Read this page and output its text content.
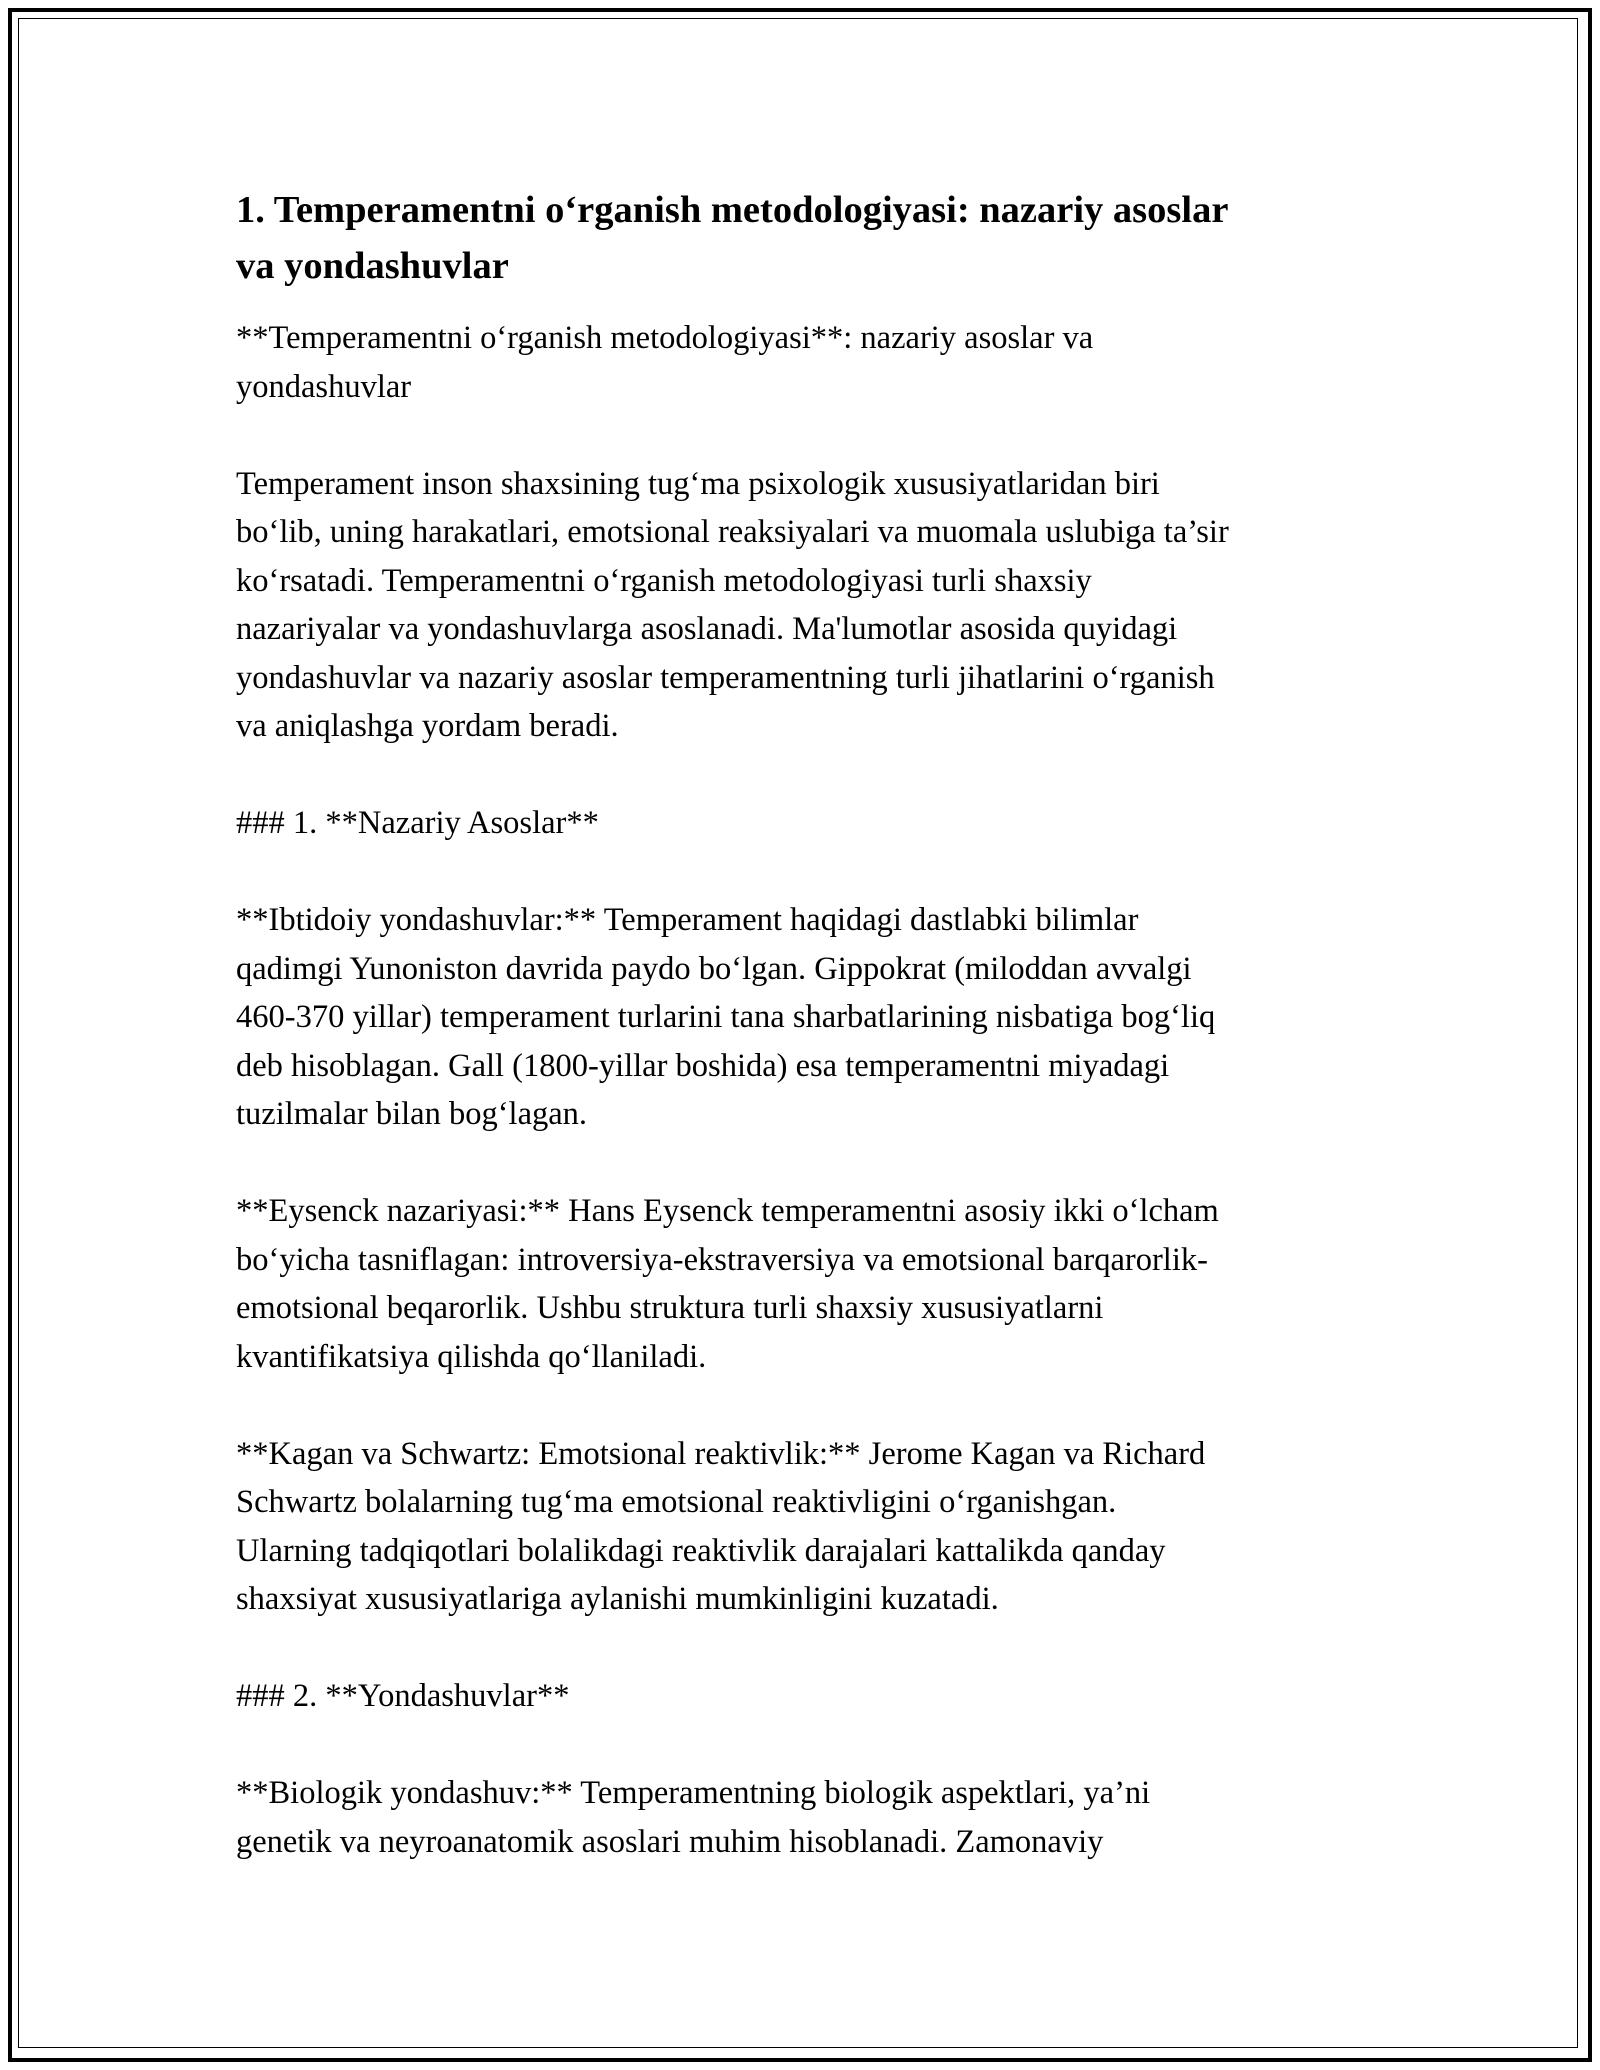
1. Temperamentni o‘rganish metodologiyasi: nazariy asoslar
va yondashuvlar

**Temperamentni o‘rganish metodologiyasi**: nazariy asoslar va
yondashuvlar

Temperament inson shaxsining tug‘ma psixologik xususiyatlaridan biri
bo‘lib, uning harakatlari, emotsional reaksiyalari va muomala uslubiga ta’sir
ko‘rsatadi. Temperamentni o‘rganish metodologiyasi turli shaxsiy
nazariyalar va yondashuvlarga asoslanadi. Ma'lumotlar asosida quyidagi
yondashuvlar va nazariy asoslar temperamentning turli jihatlarini o‘rganish
va aniqlashga yordam beradi.

### 1. **Nazariy Asoslar**

**Ibtidoiy yondashuvlar:** Temperament haqidagi dastlabki bilimlar
qadimgi Yunoniston davrida paydo bo‘lgan. Gippokrat (miloddan avvalgi
460-370 yillar) temperament turlarini tana sharbatlarining nisbatiga bog‘liq
deb hisoblagan. Gall (1800-yillar boshida) esa temperamentni miyadagi
tuzilmalar bilan bog‘lagan.

**Eysenck nazariyasi:** Hans Eysenck temperamentni asosiy ikki o‘lcham
bo‘yicha tasniflagan: introversiya-ekstraversiya va emotsional barqarorlik-
emotsional beqarorlik. Ushbu struktura turli shaxsiy xususiyatlarni
kvantifikatsiya qilishda qo‘llaniladi.

**Kagan va Schwartz: Emotsional reaktivlik:** Jerome Kagan va Richard
Schwartz bolalarning tug‘ma emotsional reaktivligini o‘rganishgan.
Ularning tadqiqotlari bolalikdagi reaktivlik darajalari kattalikda qanday
shaxsiyat xususiyatlariga aylanishi mumkinligini kuzatadi.

### 2. **Yondashuvlar**

**Biologik yondashuv:** Temperamentning biologik aspektlari, ya’ni
genetik va neyroanatomik asoslari muhim hisoblanadi. Zamonaviy
